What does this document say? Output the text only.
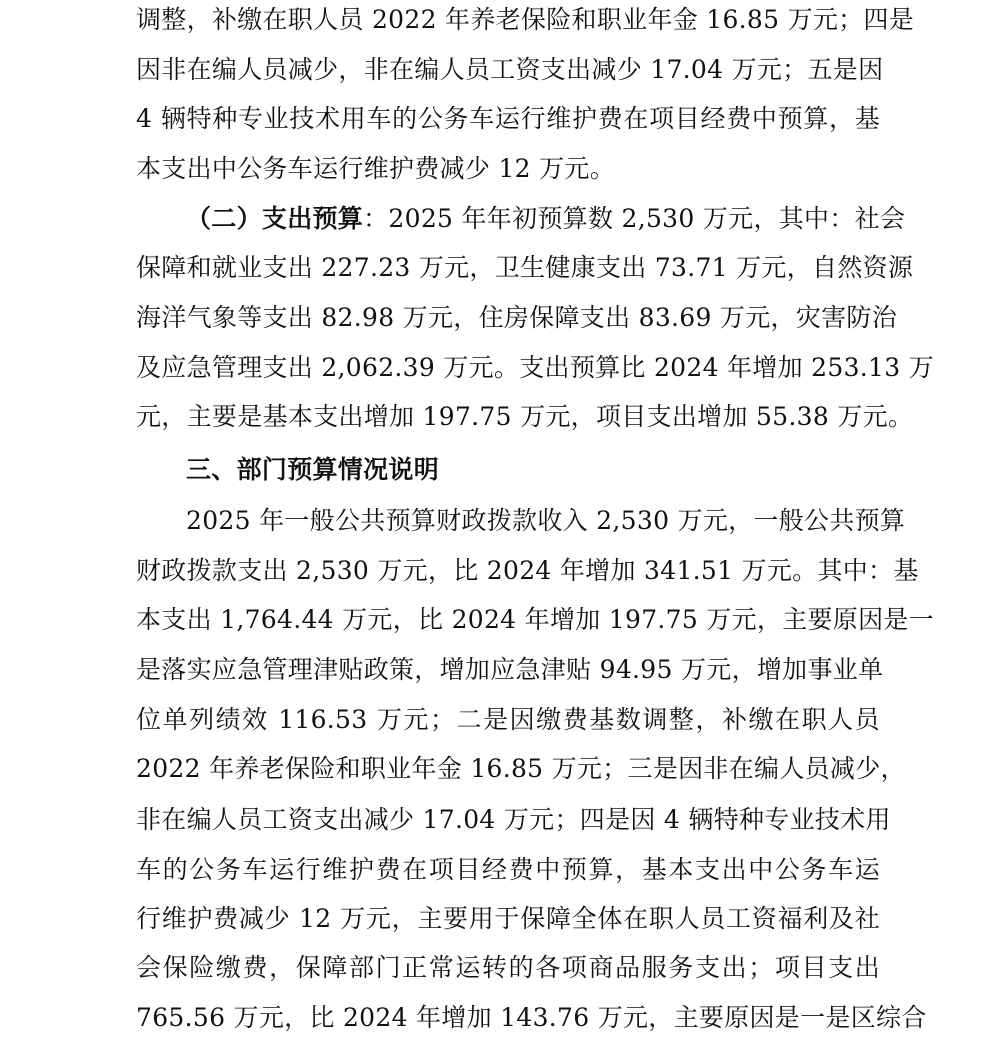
调整，补缴在职人员 2022 年养老保险和职业年金 16.85 万元；四是
因非在编人员减少，非在编人员工资支出减少 17.04 万元；五是因
4 辆特种专业技术用车的公务车运行维护费在项目经费中预算，基
本支出中公务车运行维护费减少 12 万元。
（二）支出预算：2025 年年初预算数 2,530 万元，其中：社会
保障和就业支出 227.23 万元，卫生健康支出 73.71 万元，自然资源
海洋气象等支出 82.98 万元，住房保障支出 83.69 万元，灾害防治
及应急管理支出 2,062.39 万元。支出预算比 2024 年增加 253.13 万
元，主要是基本支出增加 197.75 万元，项目支出增加 55.38 万元。
三、部门预算情况说明
2025 年一般公共预算财政拨款收入 2,530 万元，一般公共预算
财政拨款支出 2,530 万元，比 2024 年增加 341.51 万元。其中：基
本支出 1,764.44 万元，比 2024 年增加 197.75 万元，主要原因是一
是落实应急管理津贴政策，增加应急津贴 94.95 万元，增加事业单
位单列绩效 116.53 万元；二是因缴费基数调整，补缴在职人员
2022 年养老保险和职业年金 16.85 万元；三是因非在编人员减少，
非在编人员工资支出减少 17.04 万元；四是因 4 辆特种专业技术用
车的公务车运行维护费在项目经费中预算，基本支出中公务车运
行维护费减少 12 万元，主要用于保障全体在职人员工资福利及社
会保险缴费，保障部门正常运转的各项商品服务支出；项目支出
765.56 万元，比 2024 年增加 143.76 万元，主要原因是一是区综合
